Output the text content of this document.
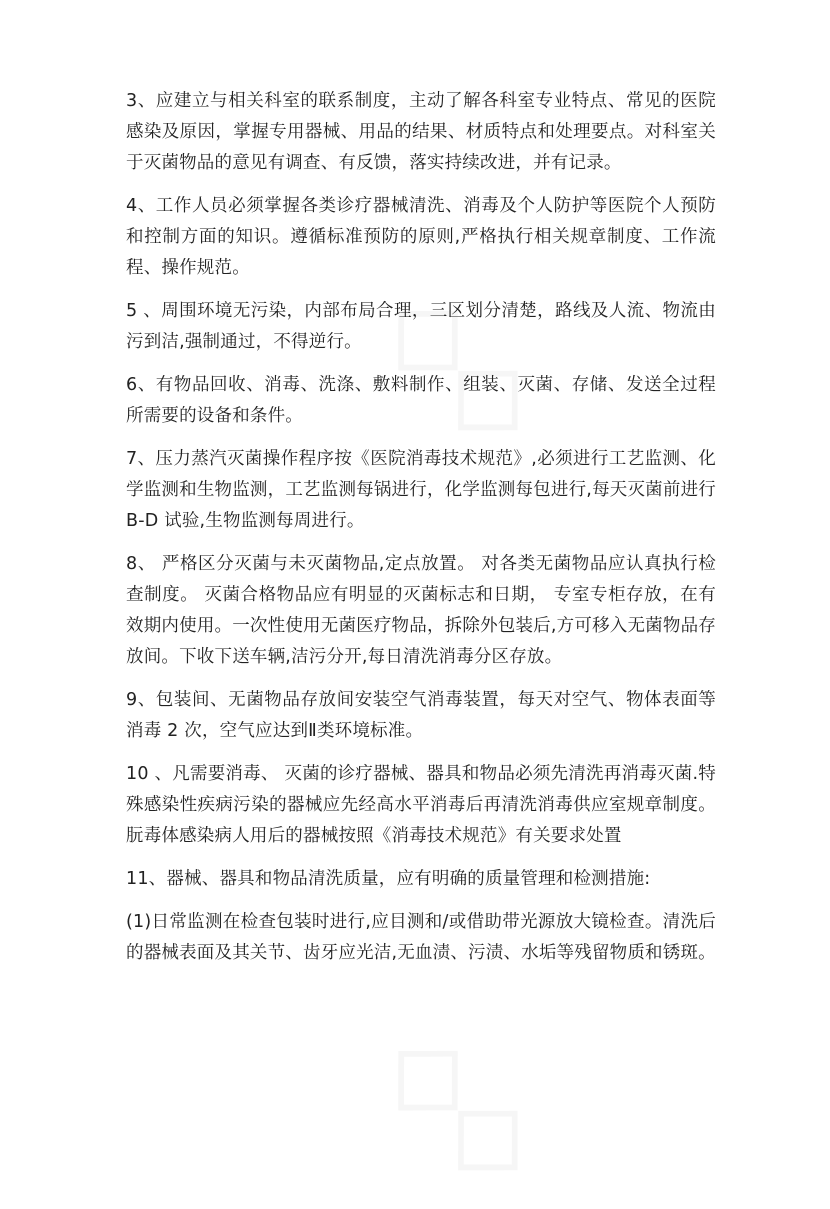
3、应建立与相关科室的联系制度，主动了解各科室专业特点、常见的医院感染及原因，掌握专用器械、用品的结果、材质特点和处理要点。对科室关于灭菌物品的意见有调查、有反馈，落实持续改进，并有记录。

4、工作人员必须掌握各类诊疗器械清洗、消毒及个人防护等医院个人预防和控制方面的知识。遵循标准预防的原则,严格执行相关规章制度、工作流程、操作规范。

5 、周围环境无污染，内部布局合理，三区划分清楚，路线及人流、物流由污到洁,强制通过，不得逆行。

6、有物品回收、消毒、洗涤、敷料制作、组装、灭菌、存储、发送全过程所需要的设备和条件。

7、压力蒸汽灭菌操作程序按《医院消毒技术规范》,必须进行工艺监测、化学监测和生物监测，工艺监测每锅进行，化学监测每包进行,每天灭菌前进行 B-D 试验,生物监测每周进行。

8、 严格区分灭菌与未灭菌物品,定点放置。 对各类无菌物品应认真执行检查制度。 灭菌合格物品应有明显的灭菌标志和日期， 专室专柜存放，在有效期内使用。一次性使用无菌医疗物品，拆除外包装后,方可移入无菌物品存放间。下收下送车辆,洁污分开,每日清洗消毒分区存放。

9、包装间、无菌物品存放间安装空气消毒装置，每天对空气、物体表面等消毒 2 次，空气应达到Ⅱ类环境标准。

10 、凡需要消毒、 灭菌的诊疗器械、器具和物品必须先清洗再消毒灭菌.特殊感染性疾病污染的器械应先经高水平消毒后再清洗消毒供应室规章制度。朊毒体感染病人用后的器械按照《消毒技术规范》有关要求处置

11、器械、器具和物品清洗质量，应有明确的质量管理和检测措施:

(1)日常监测在检查包装时进行,应目测和/或借助带光源放大镜检查。清洗后的器械表面及其关节、齿牙应光洁,无血渍、污渍、水垢等残留物质和锈斑。
